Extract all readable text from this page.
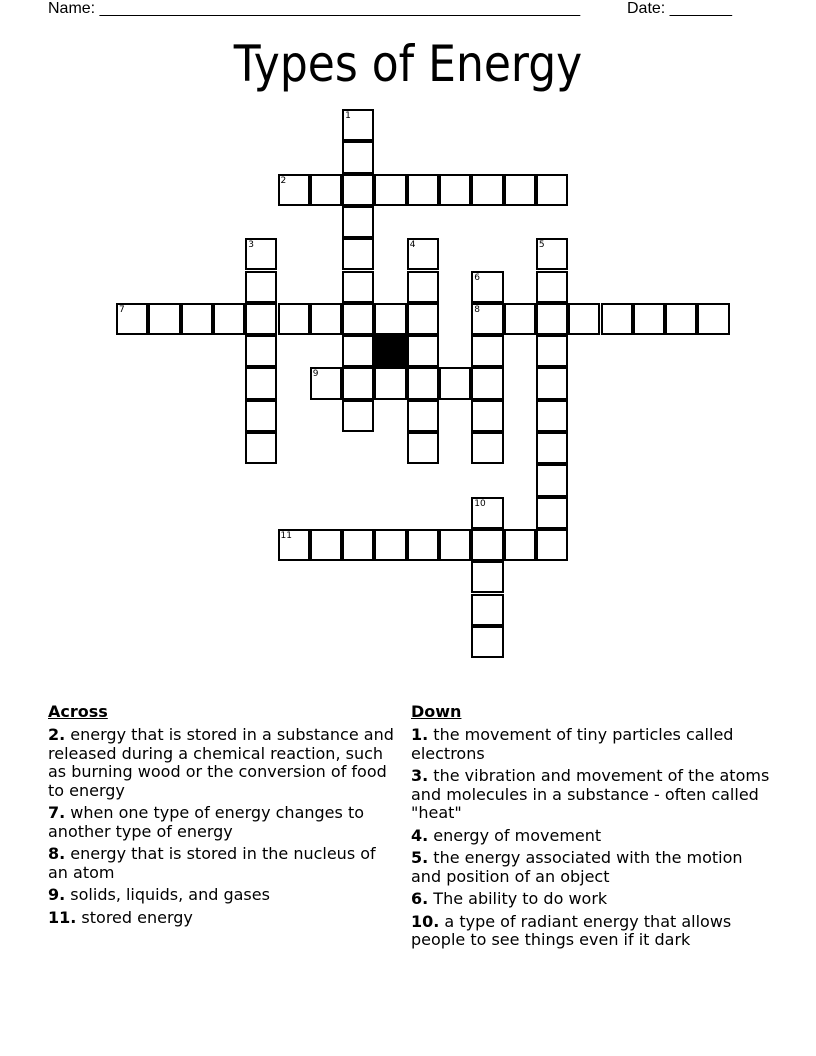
Name: ______________________________________________________	Date: _______
Types of Energy
1
2
3	4	5
6
8
7
9
10
11
Across
2. energy that is stored in a substance and released during a chemical reaction, such as burning wood or the conversion of food to energy
7. when one type of energy changes to another type of energy
8. energy that is stored in the nucleus of an atom
9. solids, liquids, and gases
11. stored energy
Down
1. the movement of tiny particles called electrons
3. the vibration and movement of the atoms and molecules in a substance - often called "heat"
4. energy of movement
5. the energy associated with the motion and position of an object
6. The ability to do work
10. a type of radiant energy that allows people to see things even if it dark
